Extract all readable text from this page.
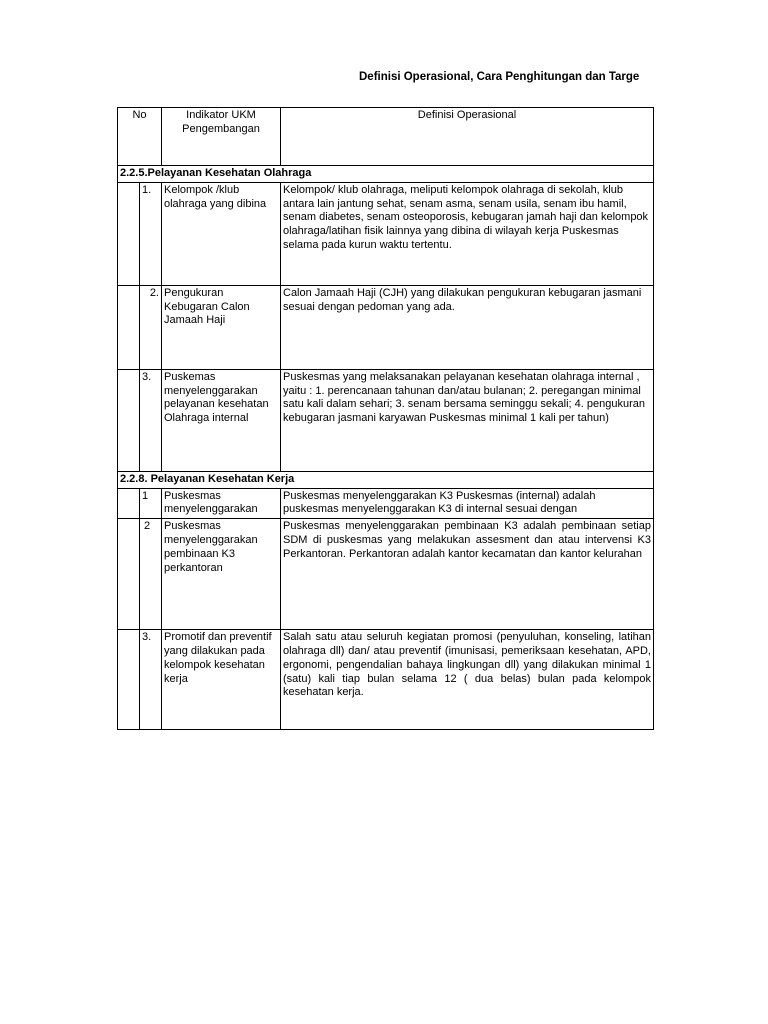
Definisi Operasional, Cara Penghitungan dan Targe
No		Indikator UKM Pengembangan	Definisi Operasional
2.2.5.Pelayanan Kesehatan Olahraga			
	1.	Kelompok /klub olahraga yang dibina	Kelompok/ klub olahraga, meliputi kelompok olahraga di sekolah, klub antara lain jantung sehat, senam asma, senam usila, senam ibu hamil, senam diabetes, senam osteoporosis, kebugaran jamah haji dan kelompok olahraga/latihan fisik lainnya yang dibina di wilayah kerja Puskesmas selama pada kurun waktu tertentu.
	2.	Pengukuran Kebugaran Calon Jamaah Haji	Calon Jamaah Haji (CJH) yang dilakukan pengukuran kebugaran jasmani sesuai dengan pedoman yang ada.
	3.	Puskemas menyelenggarakan pelayanan kesehatan Olahraga internal	Puskesmas yang melaksanakan pelayanan kesehatan olahraga internal , yaitu : 1. perencanaan tahunan dan/atau bulanan; 2. peregangan minimal satu kali dalam sehari; 3. senam bersama seminggu sekali; 4. pengukuran kebugaran jasmani karyawan Puskesmas minimal 1 kali per tahun)
2.2.8. Pelayanan Kesehatan Kerja			
	1	Puskesmas menyelenggarakan	Puskesmas menyelenggarakan K3 Puskesmas (internal) adalah puskesmas menyelenggarakan K3 di internal sesuai dengan
	2	Puskesmas menyelenggarakan pembinaan K3 perkantoran	Puskesmas menyelenggarakan pembinaan K3 adalah pembinaan setiap SDM di puskesmas yang melakukan assesment dan atau intervensi K3 Perkantoran. Perkantoran adalah kantor kecamatan dan kantor kelurahan
	3.	Promotif dan preventif yang dilakukan pada kelompok kesehatan kerja	Salah satu atau seluruh kegiatan promosi (penyuluhan, konseling, latihan olahraga dll) dan/ atau preventif (imunisasi, pemeriksaan kesehatan, APD, ergonomi, pengendalian bahaya lingkungan dll) yang dilakukan minimal 1 (satu) kali tiap bulan selama 12 ( dua belas) bulan pada kelompok kesehatan kerja.
